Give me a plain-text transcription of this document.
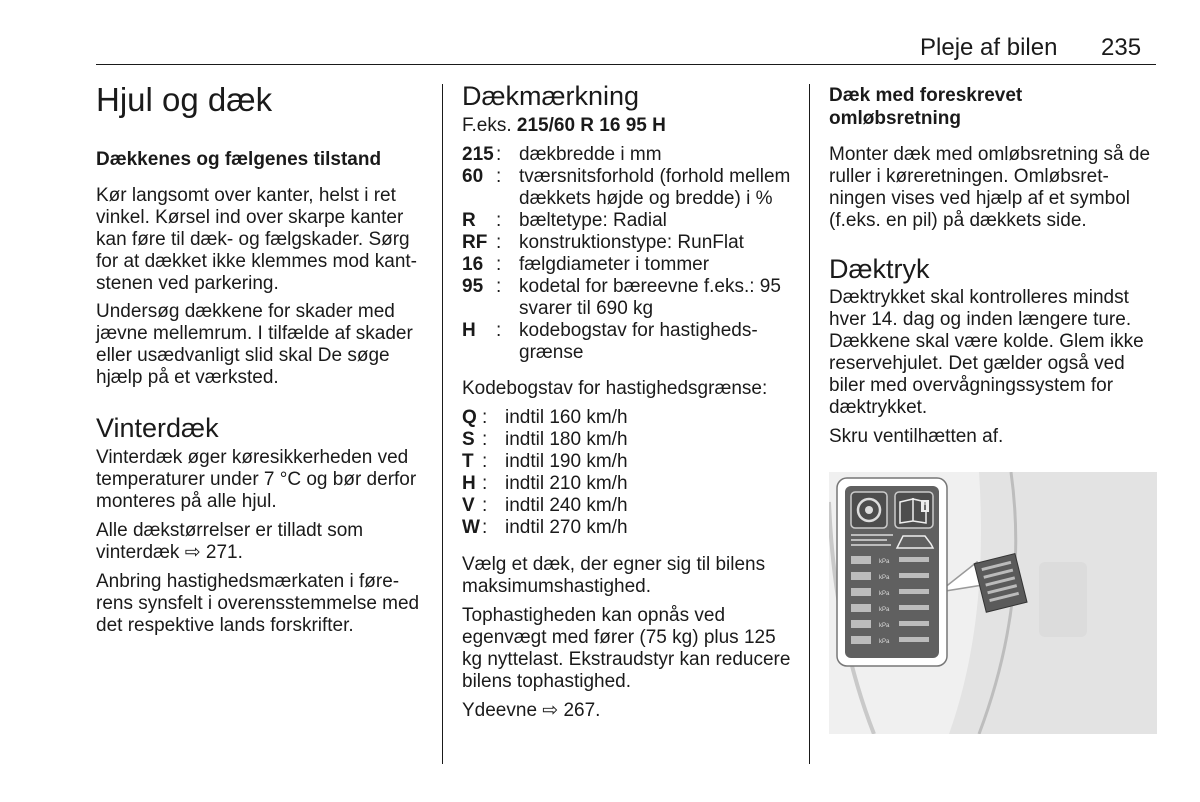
Pleje af bilen 235
Hjul og dæk
Dækkenes og fælgenes tilstand

Kør langsomt over kanter, helst i ret vinkel. Kørsel ind over skarpe kanter kan føre til dæk- og fælgskader. Sørg for at dækket ikke klemmes mod kantstenen ved parkering.

Undersøg dækkene for skader med jævne mellemrum. I tilfælde af skader eller usædvanligt slid skal De søge hjælp på et værksted.

Vinterdæk

Vinterdæk øger køresikkerheden ved temperaturer under 7 °C og bør derfor monteres på alle hjul.

Alle dækstørrelser er tilladt som vinterdæk ⇨ 271.

Anbring hastighedsmærkaten i førerens synsfelt i overensstemmelse med det respektive lands forskrifter.

Dækmærkning

F.eks. 215/60 R 16 95 H

215 : dækbredde i mm
60 : tværsnitsforhold (forhold mellem dækkets højde og bredde) i %
R	: bæltetype: Radial
RF : konstruktionstype: RunFlat
16 : fælgdiameter i tommer
95 : kodetal for bæreevne f.eks.: 95 svarer til 690 kg
H	: kodebogstav for hastighedsgrænse

Kodebogstav for hastighedsgrænse:

Q : indtil 160 km/h
S : indtil 180 km/h
T : indtil 190 km/h
H : indtil 210 km/h
V : indtil 240 km/h
W : indtil 270 km/h

Vælg et dæk, der egner sig til bilens maksimumshastighed.

Tophastigheden kan opnås ved egenvægt med fører (75 kg) plus 125 kg nyttelast. Ekstraudstyr kan reducere bilens tophastighed.

Ydeevne ⇨ 267.

Dæk med foreskrevet omløbsretning

Monter dæk med omløbsretning så de ruller i køreretningen. Omløbsretningen vises ved hjælp af et symbol (f.eks. en pil) på dækkets side.

Dæktryk

Dæktrykket skal kontrolleres mindst hver 14. dag og inden længere ture. Dækkene skal være kolde. Glem ikke reservehjulet. Det gælder også ved biler med overvågningssystem for dæktrykket.

Skru ventilhætten af.

i
kPa
kPa
kPa
kPa
kPa
kPa
